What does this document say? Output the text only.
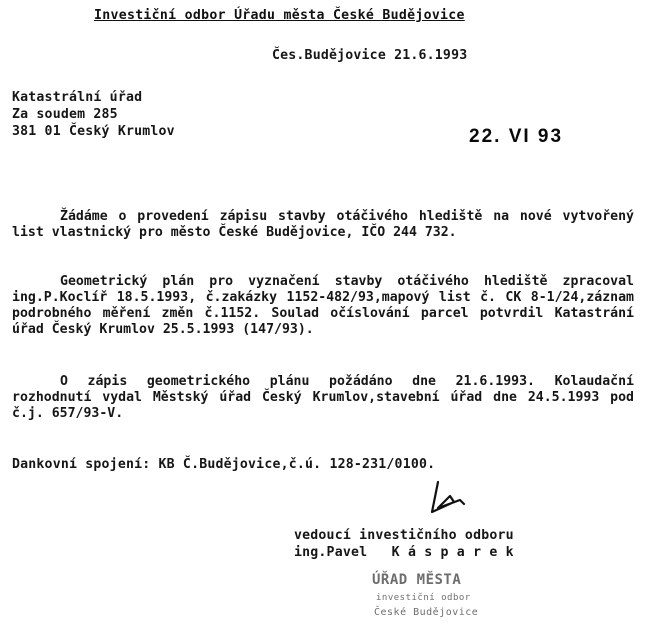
Investiční odbor Úřadu města České Budějovice
Čes.Budějovice 21.6.1993
Katastrální úřad
Za soudem 285
381 01 Český Krumlov	22. VI 93
Žádáme o provedení zápisu stavby otáčivého hlediště na nové vytvořený list vlastnický pro město České Budějovice, IČO 244 732.
Geometrický plán pro vyznačení stavby otáčivého hlediště zpracoval ing.P.Koclíř 18.5.1993, č.zakázky 1152-482/93,mapový list č. CK 8-1/24,záznam podrobného měření změn č.1152. Soulad očíslování parcel potvrdil Katastrání úřad Český Krumlov 25.5.1993 (147/93).
O zápis geometrického plánu požádáno dne 21.6.1993. Kolaudační rozhodnutí vydal Městský úřad Český Krumlov,stavební úřad dne 24.5.1993 pod č.j. 657/93-V.
Dankovní spojení: KB Č.Budějovice,č.ú. 128-231/0100.
vedoucí investičního odboru
ing.Pavel   K á s p a r e k
ÚŘAD MĚSTA
investiční odbor
České Budějovice
